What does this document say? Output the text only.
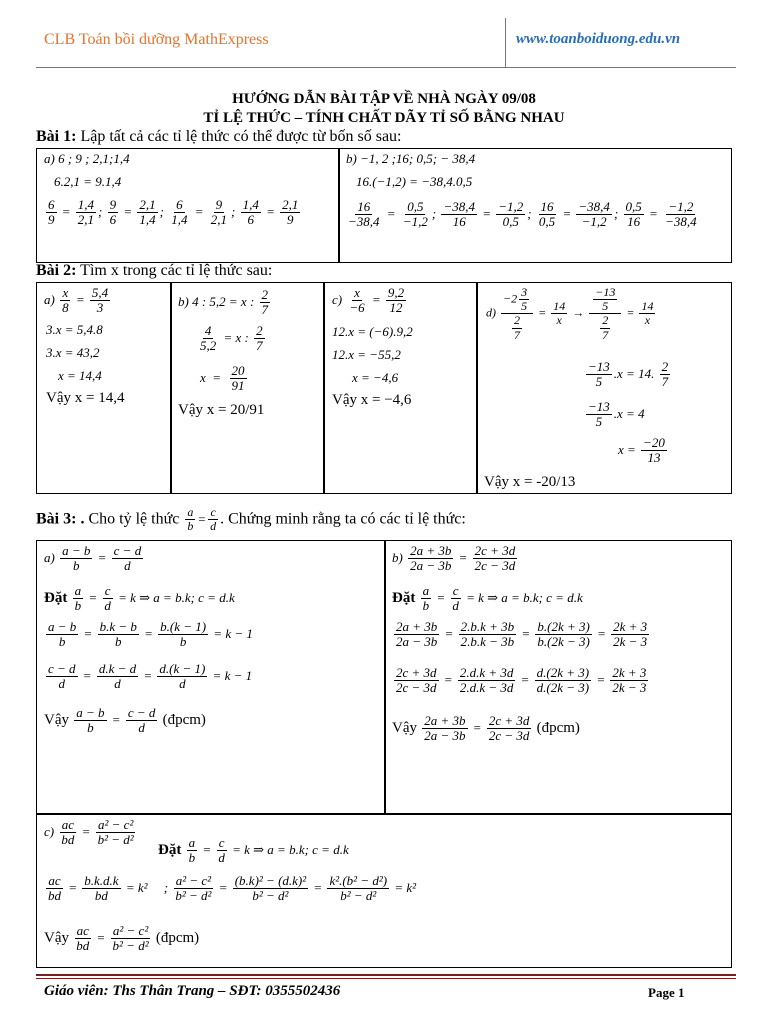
CLB Toán bồi dưỡng MathExpress	www.toanboiduong.edu.vn
HƯỚNG DẪN BÀI TẬP VỀ NHÀ NGÀY 09/08
TỈ LỆ THỨC – TÍNH CHẤT DÃY TỈ SỐ BẰNG NHAU
Bài 1: Lập tất cả các tỉ lệ thức có thể được từ bốn số sau:
a) 6 ; 9 ; 2,1;1,4
6.2,1 = 9.1,4
$\frac{6}{9} = \frac{1,4}{2,1}$ ; $\frac{9}{6} = \frac{2,1}{1,4}$ ; $\frac{6}{1,4} = \frac{9}{2,1}$ ; $\frac{1,4}{6} = \frac{2,1}{9}$
b) −1, 2 ;16; 0,5; − 38,4
16.(−1,2) = −38,4.0,5
$\frac{16}{-38,4} = \frac{0,5}{-1,2}$ ; $\frac{-38,4}{16} = \frac{-1,2}{0,5}$ ; $\frac{16}{0,5} = \frac{-38,4}{-1,2}$ ; $\frac{0,5}{16} = \frac{-1,2}{-38,4}$
Bài 2: Tìm x trong các tỉ lệ thức sau:
$a) \frac{x}{8} = \frac{5,4}{3}$
3.x = 5,4.8
3.x = 43,2
x = 14,4
Vậy x = 14,4
b) 4 : 5,2 = x : $\frac{2}{7}$
$\frac{4}{5,2} = x$ : $\frac{2}{7}$
$x = \frac{20}{91}$
Vậy x = 20/91
$c) \frac{x}{-6} = \frac{9,2}{12}$
12.x = (−6).9,2
12.x = −55,2
x = −4,6
Vậy x = −4,6
$d) \frac{-2 \frac{3}{5}}{\frac{2}{7}} = \frac{14}{x} \to \frac{\frac{-13}{5}}{\frac{2}{7}} = \frac{14}{x}$
$\frac{-13}{5} .x = 14$. $\frac{2}{7}$
$\frac{-13}{5} .x = 4$
$x = \frac{-20}{13}$
Vậy x = -20/13
Bài 3: . Cho tỷ lệ thức $\frac{a}{b} = \frac{c}{d}$ . Chứng minh rằng ta có các tỉ lệ thức:
$a) \frac{a - b}{b} = \frac{c - d}{d}$
Đặt $\frac{a}{b} = \frac{c}{d} = k$ ⇒ a = b.k; c = d.k
$\frac{a - b}{b} = \frac{b.k - b}{b} = \frac{b.(k - 1)}{b} = k - 1$
$\frac{c - d}{d} = \frac{d.k - d}{d} = \frac{d.(k - 1)}{d} = k - 1$
Vậy $\frac{a - b}{b} = \frac{c - d}{d}$ (đpcm)
$b) \frac{2a + 3b}{2a - 3b} = \frac{2c + 3d}{2c - 3d}$
Đặt $\frac{a}{b} = \frac{c}{d} = k$ ⇒ a = b.k; c = d.k
$\frac{2a + 3b}{2a - 3b} = \frac{2.b.k + 3b}{2.b.k - 3b} = \frac{b.(2k + 3)}{b.(2k - 3)} = \frac{2k + 3}{2k - 3}$
$\frac{2c + 3d}{2c - 3d} = \frac{2.d.k + 3d}{2.d.k - 3d} = \frac{d.(2k + 3)}{d.(2k - 3)} = \frac{2k + 3}{2k - 3}$
Vậy $\frac{2a + 3b}{2a - 3b} = \frac{2c + 3d}{2c - 3d}$ (đpcm)
$c) \frac{ac}{bd} = \frac{\text{a² − c²}}{\text{b² − d²}}$
Đặt $\frac{a}{b} = \frac{c}{d} = k$ ⇒ a = b.k; c = d.k
$\frac{ac}{bd} = \frac{b.k.d.k}{bd} = k^2$     ; $\frac{\text{a² − c²}}{\text{b² − d²}} = \frac{\text{(b.k)² − (d.k)²}}{\text{b² − d²}} = \frac{\text{k².(b² − d²)}}{\text{b² − d²}} = k^2$
Vậy $\frac{ac}{bd} = \frac{\text{a² − c²}}{\text{b² − d²}}$ (đpcm)
Giáo viên: Ths Thân Trang – SĐT: 0355502436	Page 1
